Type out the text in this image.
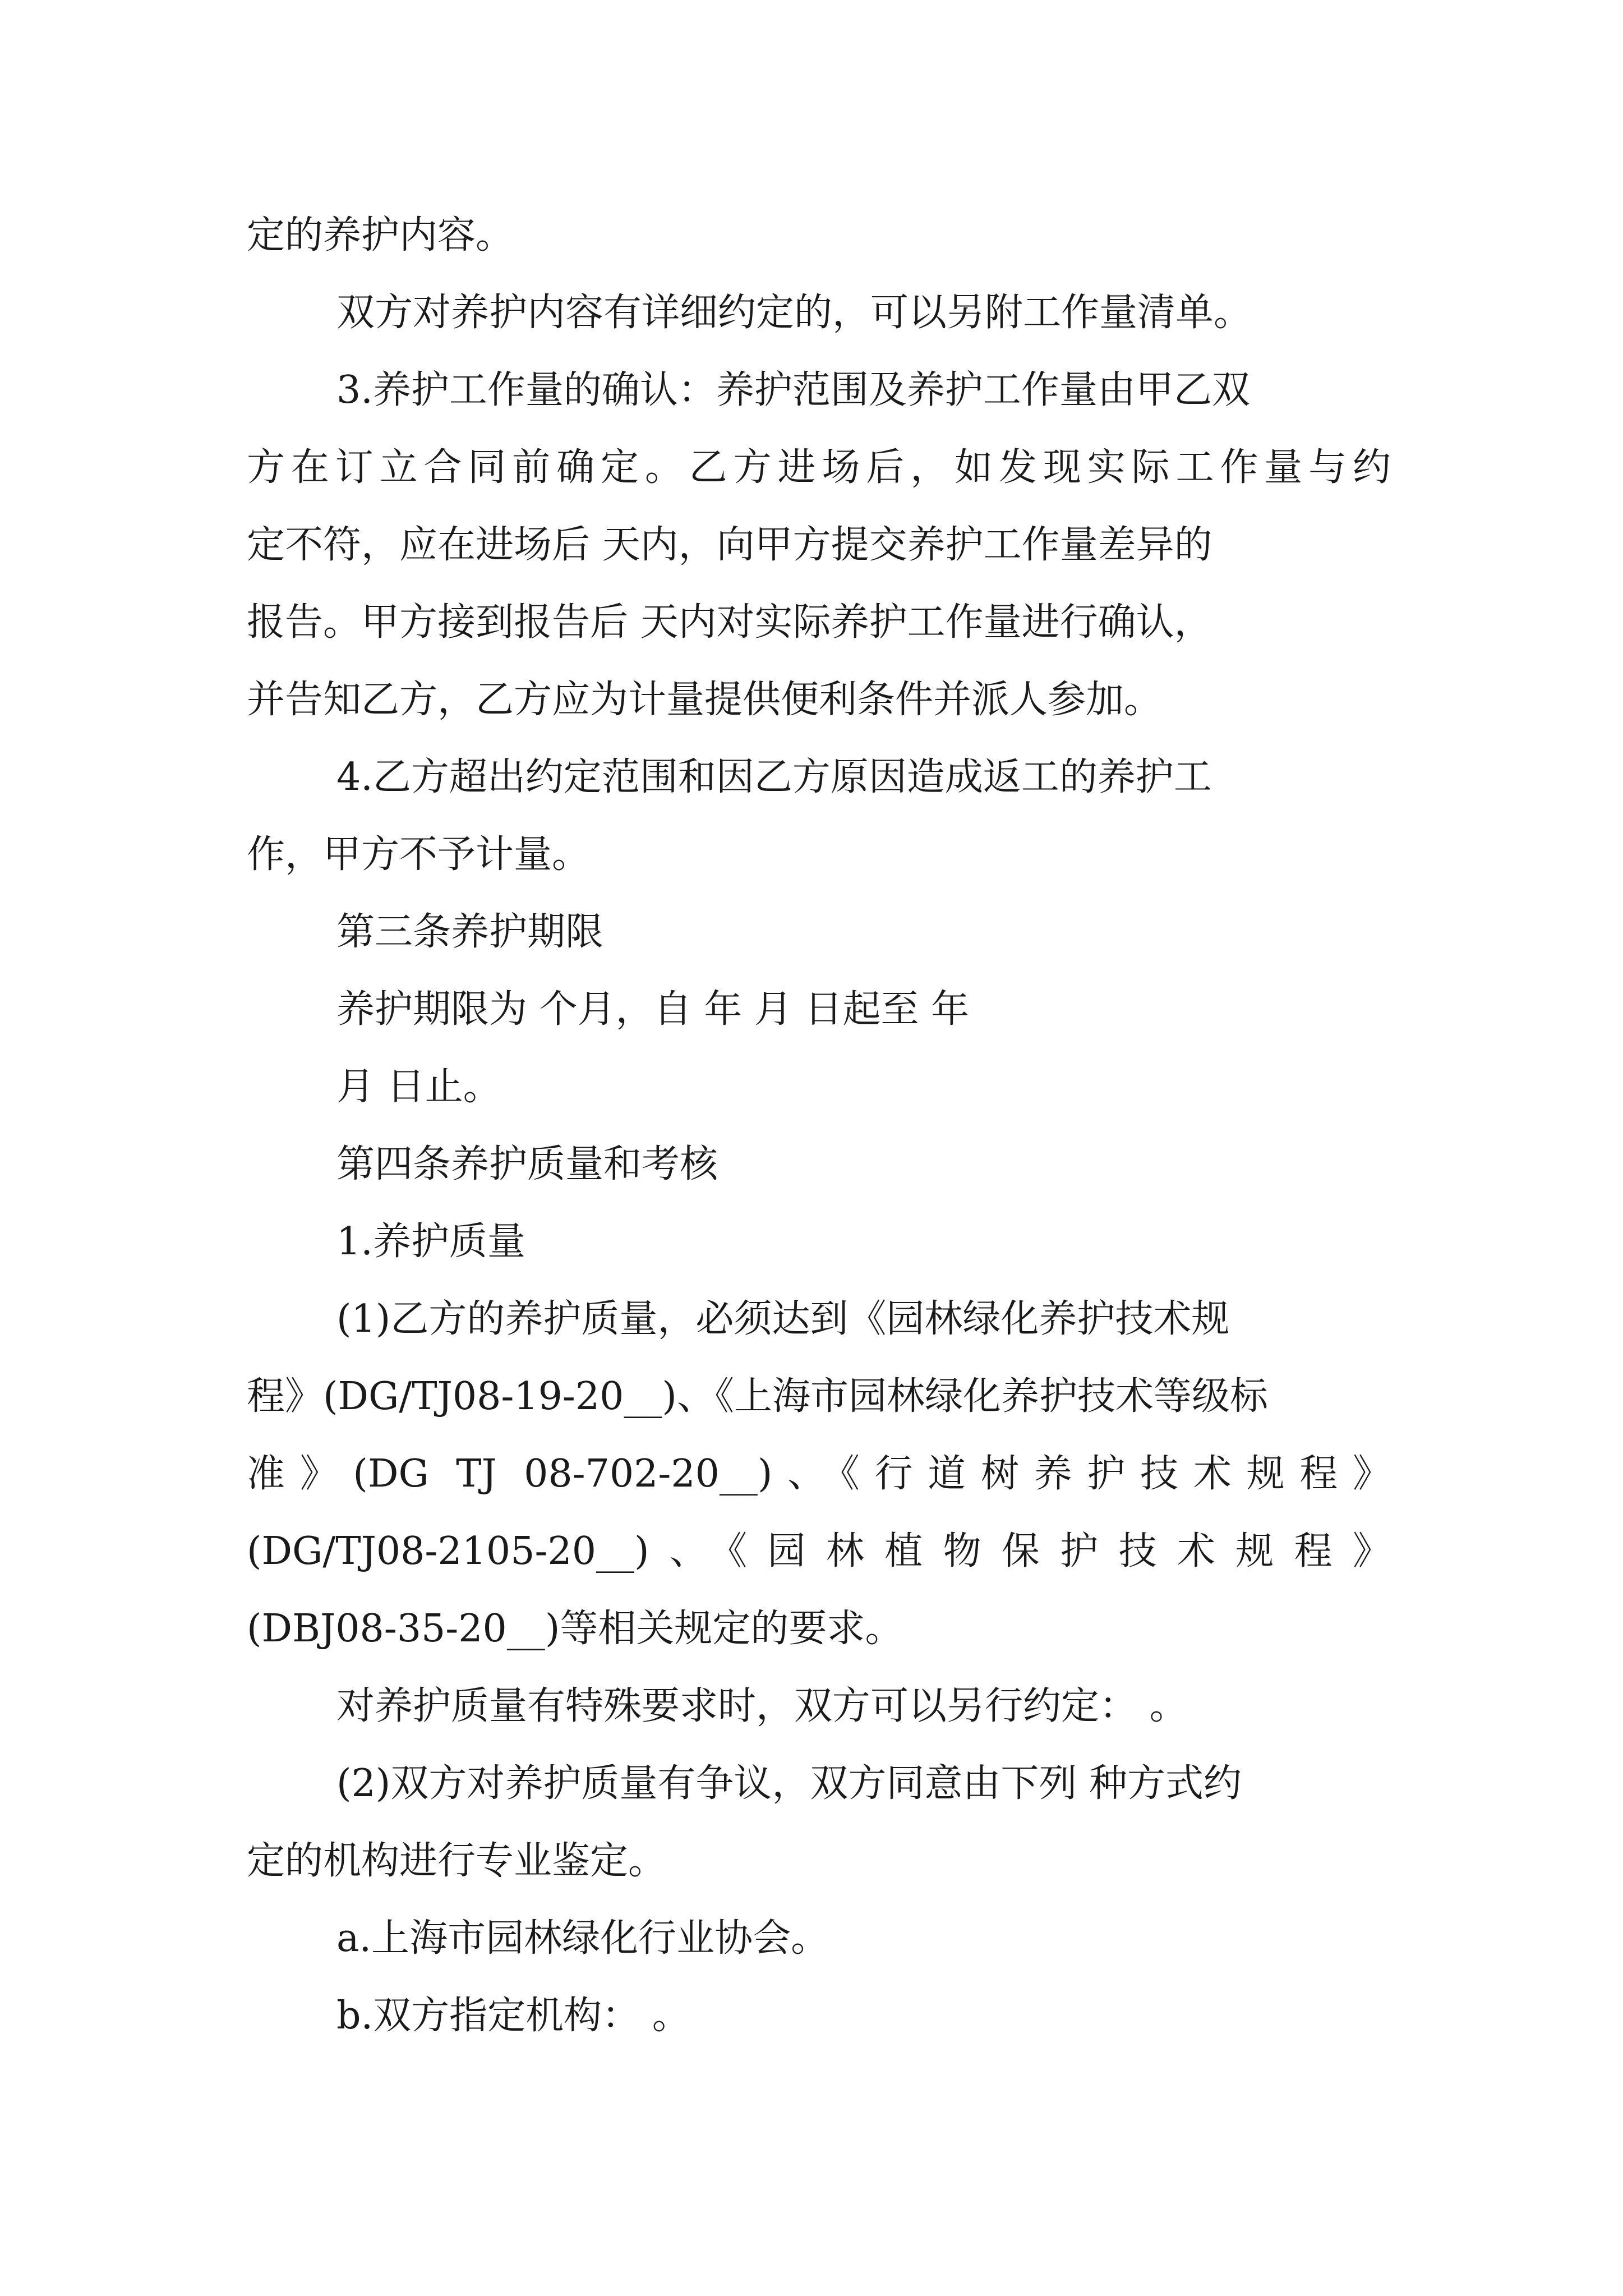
定的养护内容。
双方对养护内容有详细约定的，可以另附工作量清单。
3.养护工作量的确认：养护范围及养护工作量由甲乙双
方在订立合同前确定。乙方进场后，如发现实际工作量与约
定不符，应在进场后 天内，向甲方提交养护工作量差异的
报告。甲方接到报告后 天内对实际养护工作量进行确认，
并告知乙方，乙方应为计量提供便利条件并派人参加。
4.乙方超出约定范围和因乙方原因造成返工的养护工
作，甲方不予计量。
第三条养护期限
养护期限为 个月，自 年 月 日起至 年
月 日止。
第四条养护质量和考核
1.养护质量
(1)乙方的养护质量，必须达到《园林绿化养护技术规
程》(DG/TJ08-19-20__)、《上海市园林绿化养护技术等级标
准》(DG TJ 08-702-20__)、《行道树养护技术规程》
(DG/TJ08-2105-20__)、《园林植物保护技术规程》
(DBJ08-35-20__)等相关规定的要求。
对养护质量有特殊要求时，双方可以另行约定： 。
(2)双方对养护质量有争议，双方同意由下列 种方式约
定的机构进行专业鉴定。
a.上海市园林绿化行业协会。
b.双方指定机构： 。
